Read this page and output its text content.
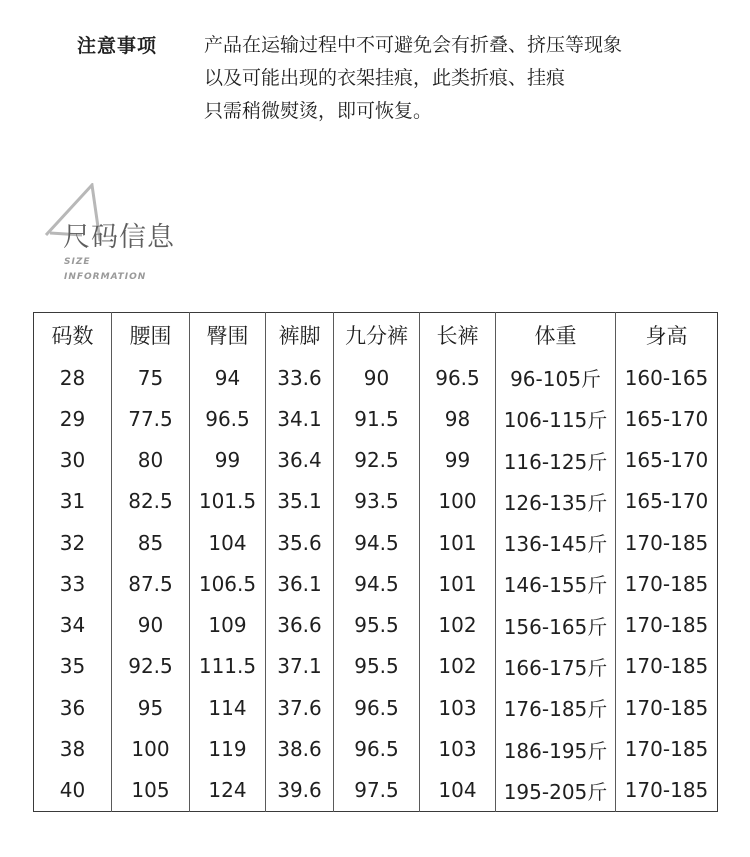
注意事项 产品在运输过程中不可避免会有折叠、挤压等现象
以及可能出现的衣架挂痕，此类折痕、挂痕
只需稍微熨烫，即可恢复。
尺码信息
SIZE
INFORMATION
码数	腰围	臀围	裤脚	九分裤	长裤	体重	身高
28	75	94	33.6	90	96.5	96-105斤	160-165
29	77.5	96.5	34.1	91.5	98	106-115斤	165-170
30	80	99	36.4	92.5	99	116-125斤	165-170
31	82.5	101.5	35.1	93.5	100	126-135斤	165-170
32	85	104	35.6	94.5	101	136-145斤	170-185
33	87.5	106.5	36.1	94.5	101	146-155斤	170-185
34	90	109	36.6	95.5	102	156-165斤	170-185
35	92.5	111.5	37.1	95.5	102	166-175斤	170-185
36	95	114	37.6	96.5	103	176-185斤	170-185
38	100	119	38.6	96.5	103	186-195斤	170-185
40	105	124	39.6	97.5	104	195-205斤	170-185
